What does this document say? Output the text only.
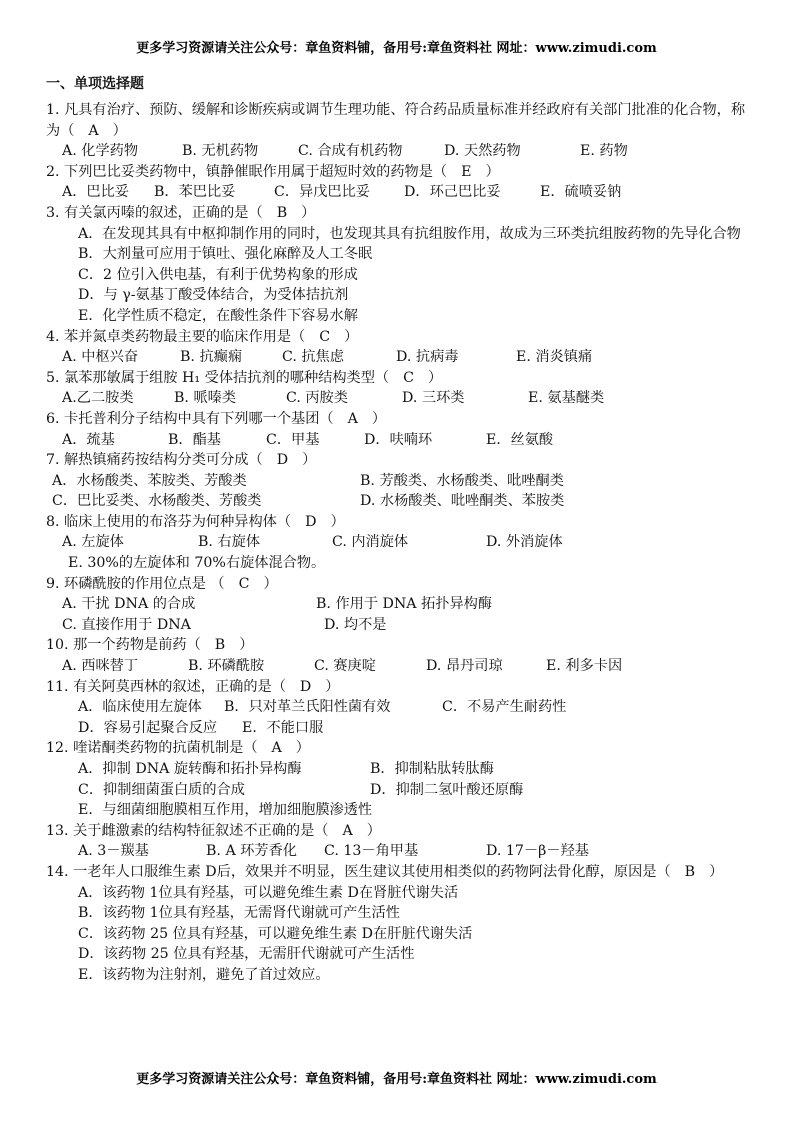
更多学习资源请关注公众号：章鱼资料铺，备用号:章鱼资料社 网址：www.zimudi.com
一、单项选择题
1. 凡具有治疗、预防、缓解和诊断疾病或调节生理功能、符合药品质量标准并经政府有关部门批准的化合物，称为（ A ）
A. 化学药物	B. 无机药物	C. 合成有机药物	D. 天然药物	E. 药物
2. 下列巴比妥类药物中，镇静催眠作用属于超短时效的药物是（ E ）
A．巴比妥 B．苯巴比妥	C．异戊巴比妥 D．环己巴比妥	E．硫喷妥钠
3. 有关氯丙嗪的叙述，正确的是（ B ）
A．在发现其具有中枢抑制作用的同时，也发现其具有抗组胺作用，故成为三环类抗组胺药物的先导化合物
B．大剂量可应用于镇吐、强化麻醉及人工冬眠
C．2 位引入供电基，有利于优势构象的形成
D．与 γ-氨基丁酸受体结合，为受体拮抗剂
E．化学性质不稳定，在酸性条件下容易水解
4. 苯并氮卓类药物最主要的临床作用是（ C ）
A. 中枢兴奋	B. 抗癫痫	C. 抗焦虑	D. 抗病毒	E. 消炎镇痛
5. 氯苯那敏属于组胺 H₁ 受体拮抗剂的哪种结构类型（ C ）
A.乙二胺类	B. 哌嗪类	C. 丙胺类	D. 三环类	E. 氨基醚类
6. 卡托普利分子结构中具有下列哪一个基团（ A ）
A．巯基	B．酯基	C．甲基	D．呋喃环	E．丝氨酸
7. 解热镇痛药按结构分类可分成（ D ）
A．水杨酸类、苯胺类、芳酸类	B. 芳酸类、水杨酸类、吡唑酮类
C．巴比妥类、水杨酸类、芳酸类	D. 水杨酸类、吡唑酮类、苯胺类
8. 临床上使用的布洛芬为何种异构体（ D ）
A. 左旋体	B. 右旋体	C. 内消旋体	D. 外消旋体
E. 30%的左旋体和 70%右旋体混合物。
9. 环磷酰胺的作用位点是 （ C ）
A. 干扰 DNA 的合成	B. 作用于 DNA 拓扑异构酶
C. 直接作用于 DNA	D. 均不是
10. 那一个药物是前药（ B ）
A. 西咪替丁	B. 环磷酰胺	C. 赛庚啶	D. 昂丹司琼	E. 利多卡因
11. 有关阿莫西林的叙述，正确的是（ D ）
A．临床使用左旋体 B．只对革兰氏阳性菌有效	C．不易产生耐药性
D．容易引起聚合反应 E．不能口服
12. 喹诺酮类药物的抗菌机制是（ A ）
A．抑制 DNA 旋转酶和拓扑异构酶	B．抑制粘肽转肽酶
C．抑制细菌蛋白质的合成	D．抑制二氢叶酸还原酶
E．与细菌细胞膜相互作用，增加细胞膜渗透性
13. 关于雌激素的结构特征叙述不正确的是（ A ）
A. 3－羰基	B. A 环芳香化 C. 13－角甲基	D. 17－β－羟基
14. 一老年人口服维生素 D后，效果并不明显，医生建议其使用相类似的药物阿法骨化醇，原因是（ B ）
A．该药物 1位具有羟基，可以避免维生素 D在肾脏代谢失活
B．该药物 1位具有羟基，无需肾代谢就可产生活性
C．该药物 25 位具有羟基，可以避免维生素 D在肝脏代谢失活
D．该药物 25 位具有羟基，无需肝代谢就可产生活性
E．该药物为注射剂，避免了首过效应。
更多学习资源请关注公众号：章鱼资料铺，备用号:章鱼资料社 网址：www.zimudi.com
